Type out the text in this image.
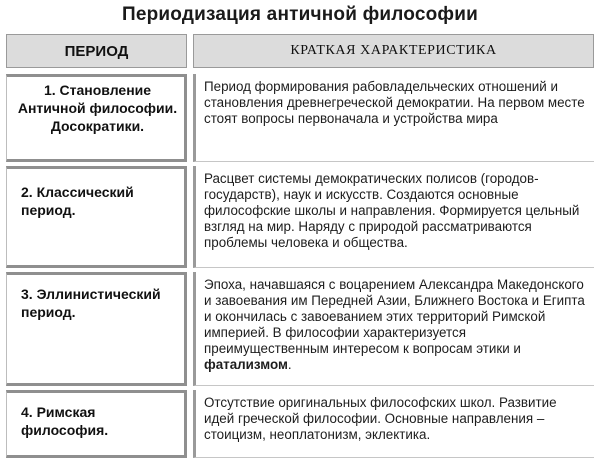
Периодизация античной философии
ПЕРИОД	КРАТКАЯ ХАРАКТЕРИСТИКА
1. Становление Античной философии. Досократики.
Период формирования рабовладельческих отношений и становления древнегреческой демократии. На первом месте стоят вопросы первоначала и устройства мира
2. Классический период.
Расцвет системы демократических полисов (городов-государств), наук и искусств. Создаются основные философские школы и направления. Формируется цельный взгляд на мир. Наряду с природой рассматриваются проблемы человека и общества.
3. Эллинистический период.
Эпоха, начавшаяся с воцарением Александра Македонского и завоевания им Передней Азии, Ближнего Востока и Египта и окончилась с завоеванием этих территорий Римской империей. В философии характеризуется преимущественным интересом к вопросам этики и фатализмом.
4. Римская философия.
Отсутствие оригинальных философских школ. Развитие идей греческой философии. Основные направления – стоицизм, неоплатонизм, эклектика.
